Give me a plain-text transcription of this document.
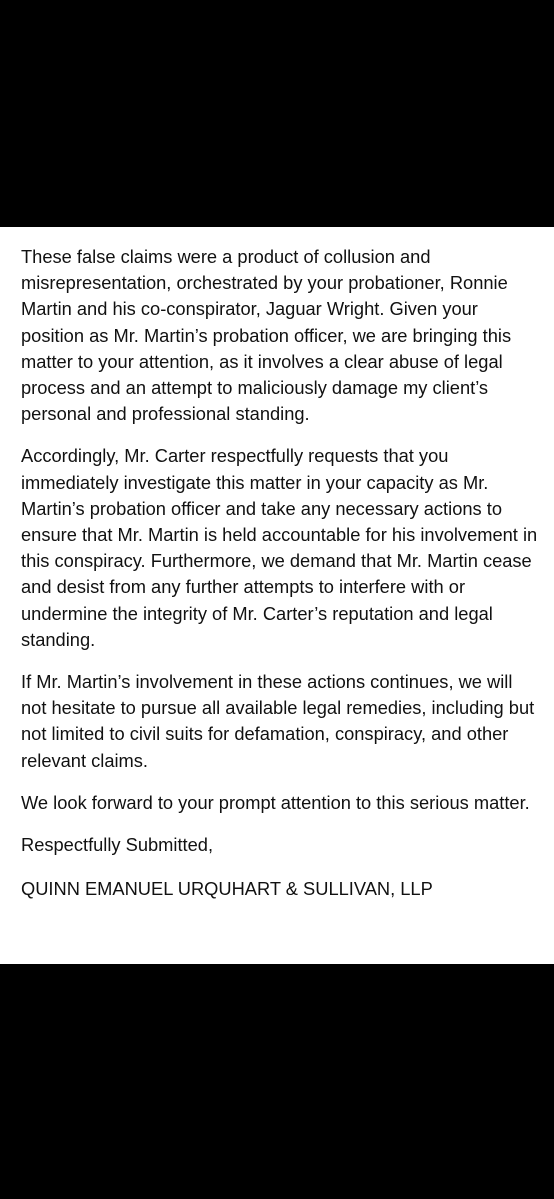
These false claims were a product of collusion and misrepresentation, orchestrated by your probationer, Ronnie Martin and his co-conspirator, Jaguar Wright. Given your position as Mr. Martin’s probation officer, we are bringing this matter to your attention, as it involves a clear abuse of legal process and an attempt to maliciously damage my client’s personal and professional standing.

Accordingly, Mr. Carter respectfully requests that you immediately investigate this matter in your capacity as Mr. Martin’s probation officer and take any necessary actions to ensure that Mr. Martin is held accountable for his involvement in this conspiracy. Furthermore, we demand that Mr. Martin cease and desist from any further attempts to interfere with or undermine the integrity of Mr. Carter’s reputation and legal standing.

If Mr. Martin’s involvement in these actions continues, we will not hesitate to pursue all available legal remedies, including but not limited to civil suits for defamation, conspiracy, and other relevant claims.

We look forward to your prompt attention to this serious matter.

Respectfully Submitted,

QUINN EMANUEL URQUHART & SULLIVAN, LLP
